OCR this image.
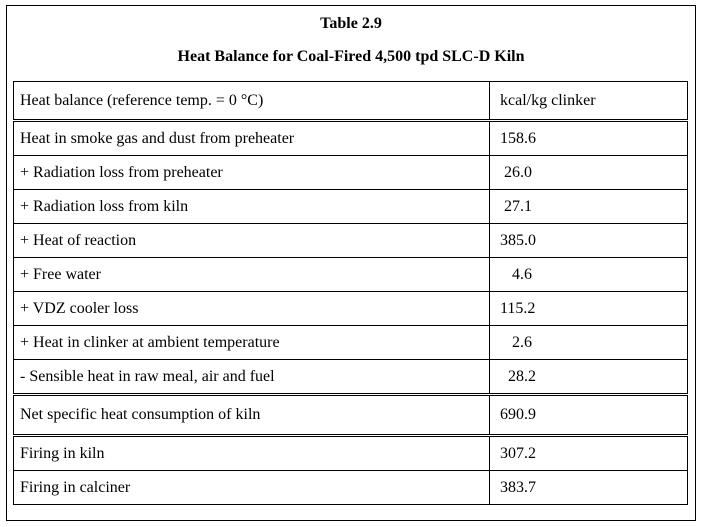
Table 2.9
Heat Balance for Coal-Fired 4,500 tpd SLC-D Kiln
Heat balance (reference temp. = 0 °C)	kcal/kg clinker
Heat in smoke gas and dust from preheater	158.6
+ Radiation loss from preheater	26.0
+ Radiation loss from kiln	27.1
+ Heat of reaction	385.0
+ Free water	4.6
+ VDZ cooler loss	115.2
+ Heat in clinker at ambient temperature	2.6
- Sensible heat in raw meal, air and fuel	28.2
Net specific heat consumption of kiln	690.9
Firing in kiln	307.2
Firing in calciner	383.7
